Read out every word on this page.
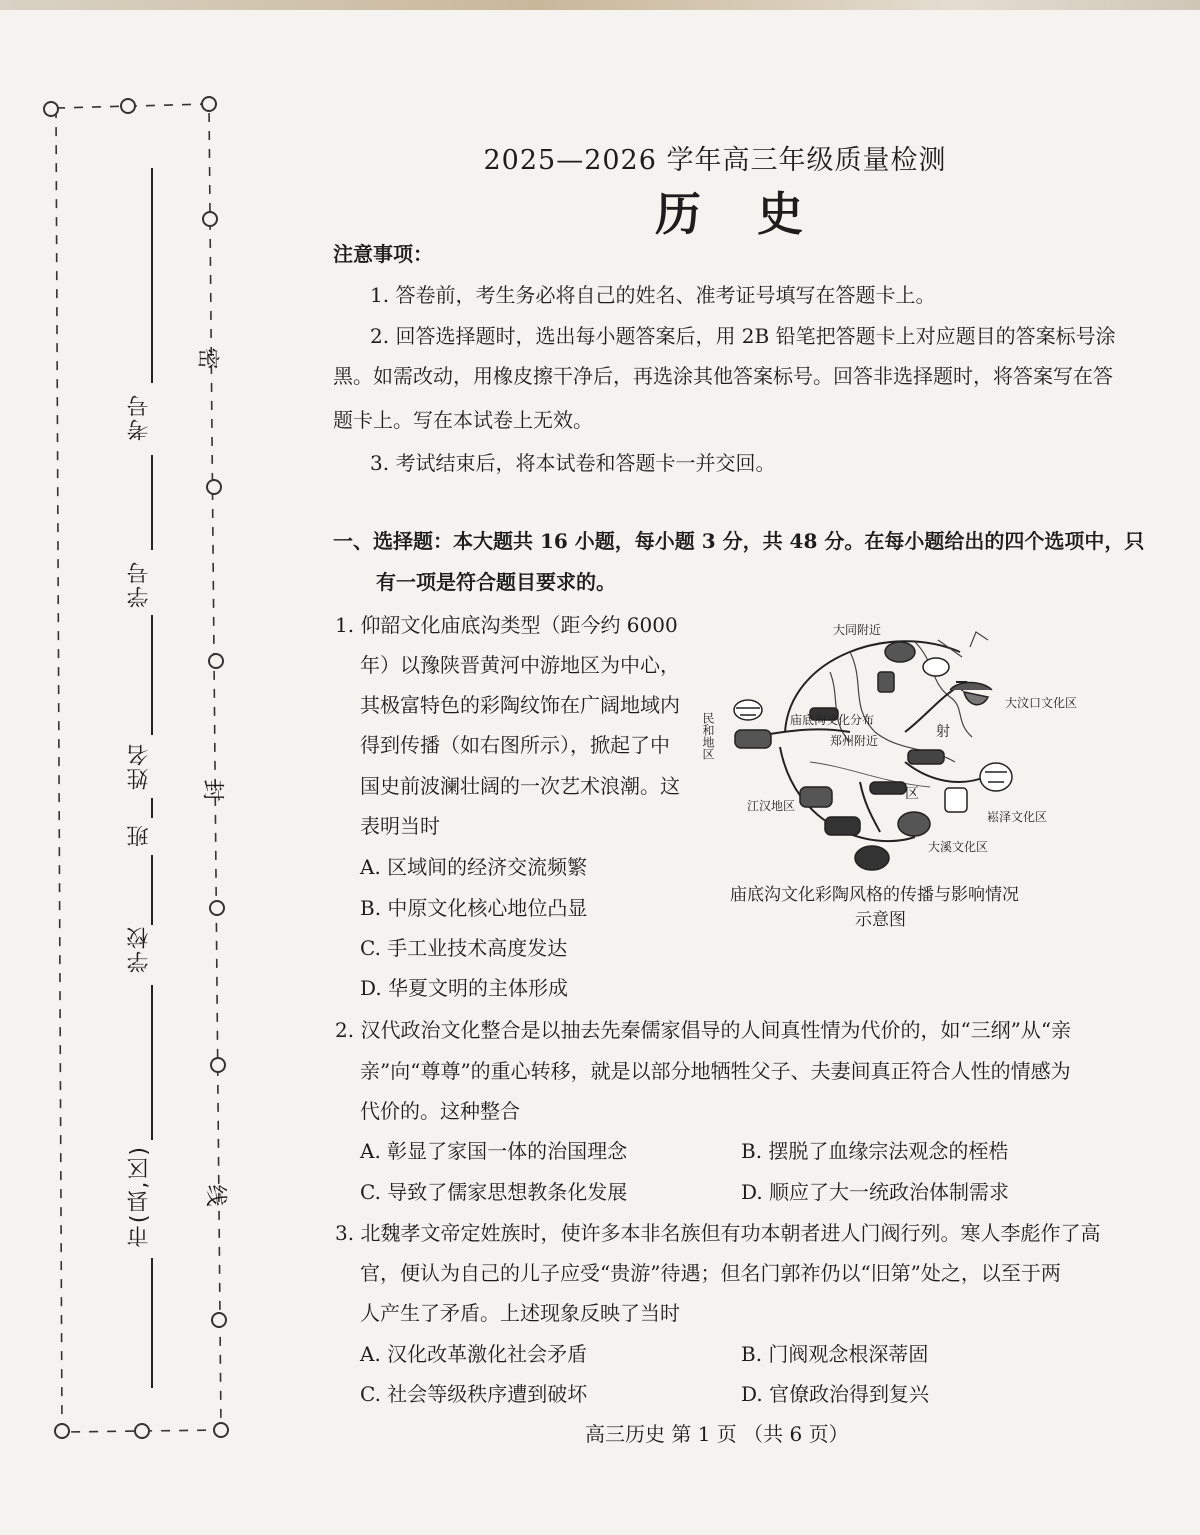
密
封
线
考号
学号
姓名
班
学校
市(县,区)
2025—2026 学年高三年级质量检测
历 史
注意事项：
1. 答卷前，考生务必将自己的姓名、准考证号填写在答题卡上。
2. 回答选择题时，选出每小题答案后，用 2B 铅笔把答题卡上对应题目的答案标号涂
黑。如需改动，用橡皮擦干净后，再选涂其他答案标号。回答非选择题时，将答案写在答
题卡上。写在本试卷上无效。
3. 考试结束后，将本试卷和答题卡一并交回。
一、选择题：本大题共 16 小题，每小题 3 分，共 48 分。在每小题给出的四个选项中，只
有一项是符合题目要求的。
1. 仰韶文化庙底沟类型（距今约 6000
年）以豫陕晋黄河中游地区为中心，
其极富特色的彩陶纹饰在广阔地域内
得到传播（如右图所示），掀起了中
国史前波澜壮阔的一次艺术浪潮。这
表明当时
A. 区域间的经济交流频繁
B. 中原文化核心地位凸显
C. 手工业技术高度发达
D. 华夏文明的主体形成
大同附近
大汶口文化区
庙底沟文化分布
郑州附近
江汉地区
崧泽文化区
大溪文化区
射
区
民和地区
庙底沟文化彩陶风格的传播与影响情况
示意图
2. 汉代政治文化整合是以抽去先秦儒家倡导的人间真性情为代价的，如“三纲”从“亲
亲”向“尊尊”的重心转移，就是以部分地牺牲父子、夫妻间真正符合人性的情感为
代价的。这种整合
A. 彰显了家国一体的治国理念	B. 摆脱了血缘宗法观念的桎梏
C. 导致了儒家思想教条化发展	D. 顺应了大一统政治体制需求
3. 北魏孝文帝定姓族时，使许多本非名族但有功本朝者进人门阀行列。寒人李彪作了高
官，便认为自己的儿子应受“贵游”待遇；但名门郭祚仍以“旧第”处之，以至于两
人产生了矛盾。上述现象反映了当时
A. 汉化改革激化社会矛盾	B. 门阀观念根深蒂固
C. 社会等级秩序遭到破坏	D. 官僚政治得到复兴
高三历史 第 1 页 （共 6 页）
